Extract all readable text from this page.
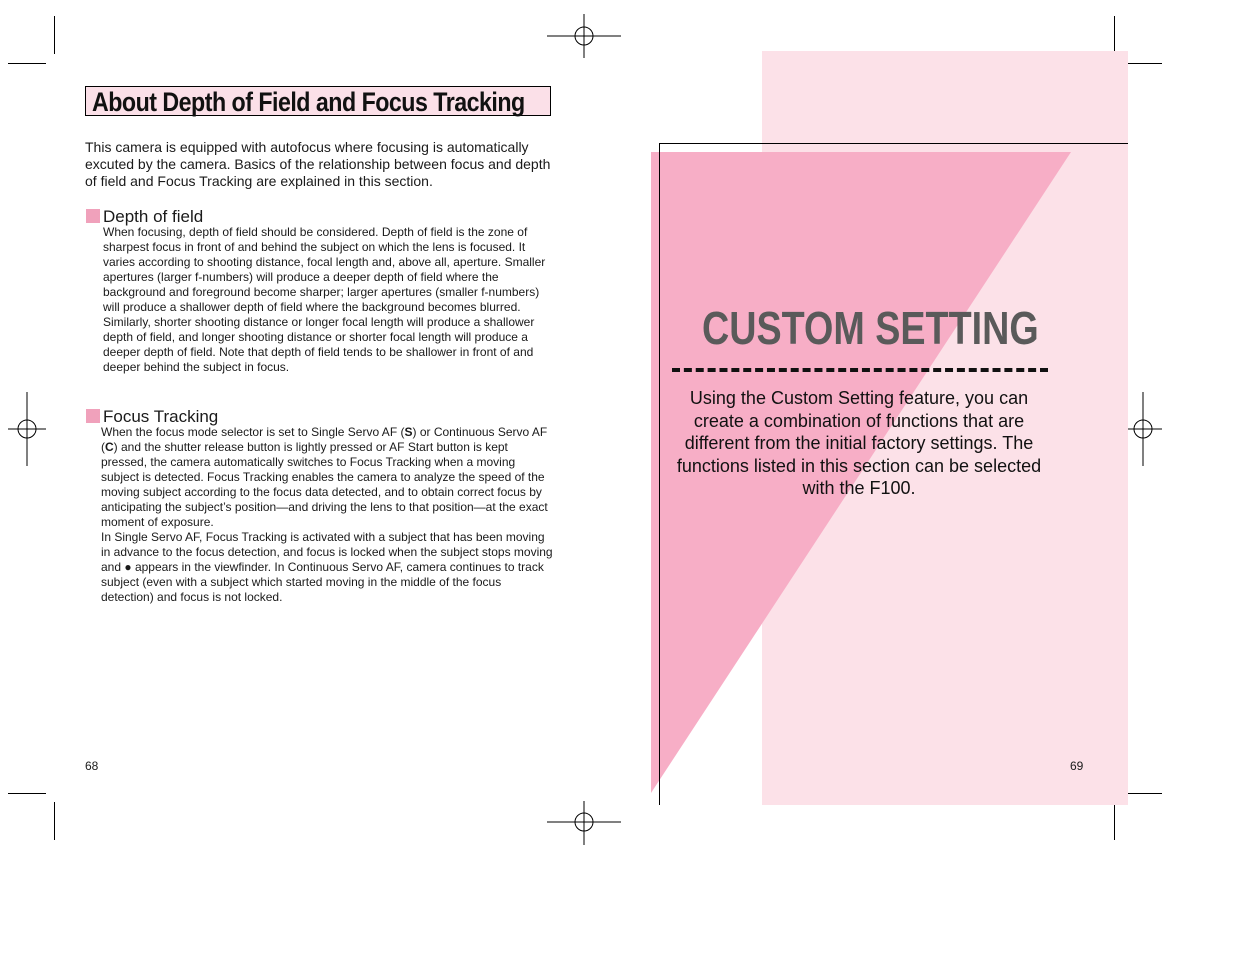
About Depth of Field and Focus Tracking

This camera is equipped with autofocus where focusing is automatically excuted by the camera. Basics of the relationship between focus and depth of field and Focus Tracking are explained in this section.

Depth of field

When focusing, depth of field should be considered. Depth of field is the zone of sharpest focus in front of and behind the subject on which the lens is focused. It varies according to shooting distance, focal length and, above all, aperture. Smaller apertures (larger f-numbers) will produce a deeper depth of field where the background and foreground become sharper; larger apertures (smaller f-numbers) will produce a shallower depth of field where the background becomes blurred. Similarly, shorter shooting distance or longer focal length will produce a shallower depth of field, and longer shooting distance or shorter focal length will produce a deeper depth of field. Note that depth of field tends to be shallower in front of and deeper behind the subject in focus.

Focus Tracking

When the focus mode selector is set to Single Servo AF (S) or Continuous Servo AF (C) and the shutter release button is lightly pressed or AF Start button is kept pressed, the camera automatically switches to Focus Tracking when a moving subject is detected. Focus Tracking enables the camera to analyze the speed of the moving subject according to the focus data detected, and to obtain correct focus by anticipating the subject’s position—and driving the lens to that position—at the exact moment of exposure.

In Single Servo AF, Focus Tracking is activated with a subject that has been moving in advance to the focus detection, and focus is locked when the subject stops moving and ● appears in the viewfinder. In Continuous Servo AF, camera continues to track subject (even with a subject which started moving in the middle of the focus detection) and focus is not locked.

68
CUSTOM SETTING

Using the Custom Setting feature, you can create a combination of functions that are different from the initial factory settings. The functions listed in this section can be selected with the F100.

69
